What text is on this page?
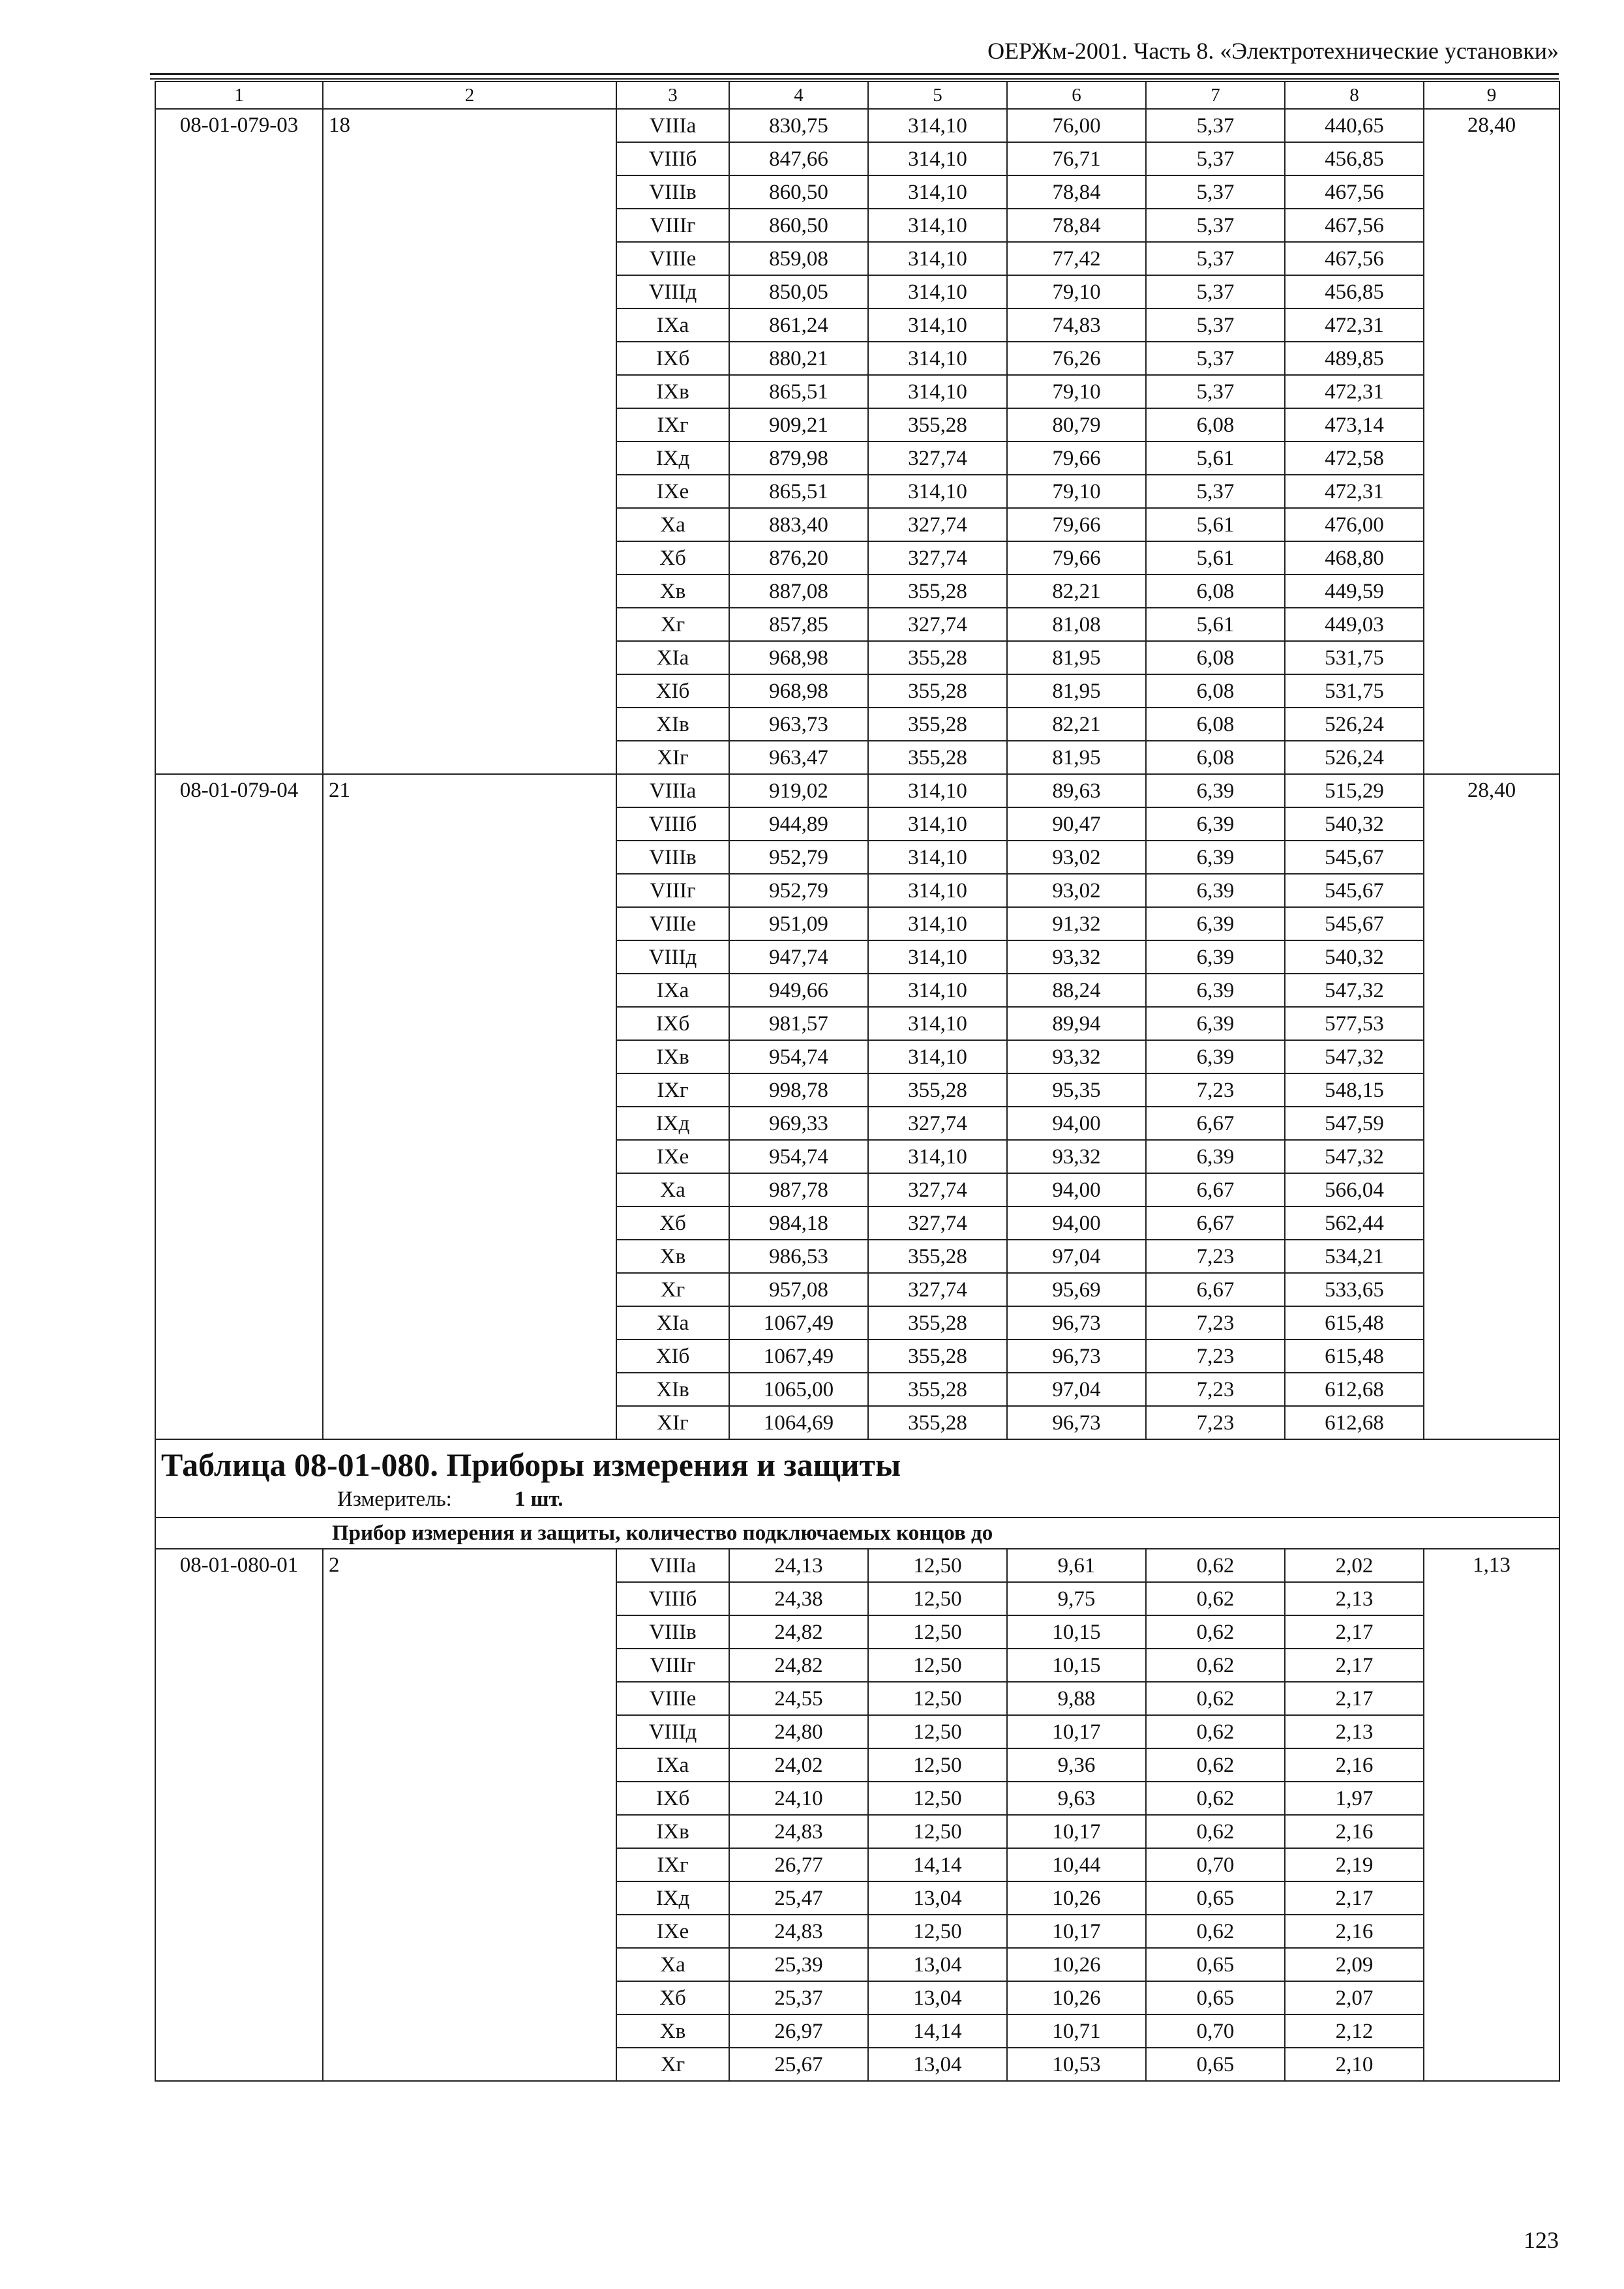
ОЕРЖм-2001. Часть 8. «Электротехнические установки»
1	2	3	4	5	6	7	8	9
08-01-079-03	18	VIIIa	830,75	314,10	76,00	5,37	440,65	28,40
		VIIIб	847,66	314,10	76,71	5,37	456,85	
		VIIIв	860,50	314,10	78,84	5,37	467,56	
		VIIIг	860,50	314,10	78,84	5,37	467,56	
		VIIIe	859,08	314,10	77,42	5,37	467,56	
		VIIIд	850,05	314,10	79,10	5,37	456,85	
		IXa	861,24	314,10	74,83	5,37	472,31	
		IXб	880,21	314,10	76,26	5,37	489,85	
		IXв	865,51	314,10	79,10	5,37	472,31	
		IXг	909,21	355,28	80,79	6,08	473,14	
		IXд	879,98	327,74	79,66	5,61	472,58	
		IXe	865,51	314,10	79,10	5,37	472,31	
		Xa	883,40	327,74	79,66	5,61	476,00	
		Xб	876,20	327,74	79,66	5,61	468,80	
		Xв	887,08	355,28	82,21	6,08	449,59	
		Xг	857,85	327,74	81,08	5,61	449,03	
		XIa	968,98	355,28	81,95	6,08	531,75	
		XIб	968,98	355,28	81,95	6,08	531,75	
		XIв	963,73	355,28	82,21	6,08	526,24	
		XIг	963,47	355,28	81,95	6,08	526,24	
08-01-079-04	21	VIIIa	919,02	314,10	89,63	6,39	515,29	28,40
		VIIIб	944,89	314,10	90,47	6,39	540,32	
		VIIIв	952,79	314,10	93,02	6,39	545,67	
		VIIIг	952,79	314,10	93,02	6,39	545,67	
		VIIIe	951,09	314,10	91,32	6,39	545,67	
		VIIIд	947,74	314,10	93,32	6,39	540,32	
		IXa	949,66	314,10	88,24	6,39	547,32	
		IXб	981,57	314,10	89,94	6,39	577,53	
		IXв	954,74	314,10	93,32	6,39	547,32	
		IXг	998,78	355,28	95,35	7,23	548,15	
		IXд	969,33	327,74	94,00	6,67	547,59	
		IXe	954,74	314,10	93,32	6,39	547,32	
		Xa	987,78	327,74	94,00	6,67	566,04	
		Xб	984,18	327,74	94,00	6,67	562,44	
		Xв	986,53	355,28	97,04	7,23	534,21	
		Xг	957,08	327,74	95,69	6,67	533,65	
		XIa	1067,49	355,28	96,73	7,23	615,48	
		XIб	1067,49	355,28	96,73	7,23	615,48	
		XIв	1065,00	355,28	97,04	7,23	612,68	
		XIг	1064,69	355,28	96,73	7,23	612,68	

Таблица 08-01-080. Приборы измерения и защиты
Измеритель: 1 шт.								

Прибор измерения и защиты, количество подключаемых концов до								
08-01-080-01	2	VIIIa	24,13	12,50	9,61	0,62	2,02	1,13
		VIIIб	24,38	12,50	9,75	0,62	2,13	
		VIIIв	24,82	12,50	10,15	0,62	2,17	
		VIIIг	24,82	12,50	10,15	0,62	2,17	
		VIIIe	24,55	12,50	9,88	0,62	2,17	
		VIIIд	24,80	12,50	10,17	0,62	2,13	
		IXa	24,02	12,50	9,36	0,62	2,16	
		IXб	24,10	12,50	9,63	0,62	1,97	
		IXв	24,83	12,50	10,17	0,62	2,16	
		IXг	26,77	14,14	10,44	0,70	2,19	
		IXд	25,47	13,04	10,26	0,65	2,17	
		IXe	24,83	12,50	10,17	0,62	2,16	
		Xa	25,39	13,04	10,26	0,65	2,09	
		Xб	25,37	13,04	10,26	0,65	2,07	
		Xв	26,97	14,14	10,71	0,70	2,12	
		Xг	25,67	13,04	10,53	0,65	2,10	
123
